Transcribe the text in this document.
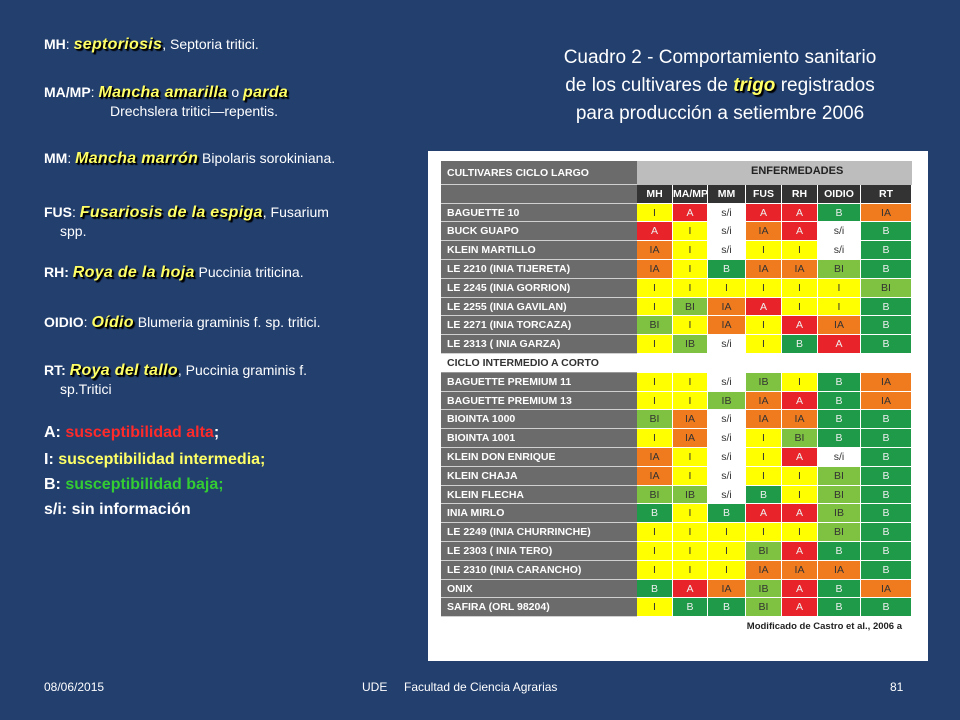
MH: septoriosis, Septoria tritici.
MA/MP: Mancha amarilla o parda
Drechslera tritici—repentis.
MM: Mancha marrón Bipolaris sorokiniana.
FUS: Fusariosis de la espiga, Fusarium
spp.
RH: Roya de la hoja Puccinia triticina.
OIDIO: Oídio Blumeria graminis f. sp. tritici.
RT: Roya del tallo, Puccinia graminis f.
sp.Tritici
A: susceptibilidad alta;
I: susceptibilidad intermedia;
B: susceptibilidad baja;
s/i: sin información
Cuadro 2 - Comportamiento sanitario
de los cultivares de trigo registrados
para producción a setiembre 2006
CULTIVARES CICLO LARGO	ENFERMEDADES
MH MA/MP MM	FUS	RH	OIDIO	RT
BAGUETTE 10	I	A	s/i	A	A	B	IA
BUCK GUAPO	A	I	s/i	IA	A	s/i	B
KLEIN MARTILLO	IA	I	s/i	I	I	s/i	B
LE 2210 (INIA TIJERETA)	IA	I	B	IA	IA	BI	B
LE 2245 (INIA GORRION)	I	I	I	I	I	I	BI
LE 2255 (INIA GAVILAN)	I	BI	IA	A	I	I	B
LE 2271 (INIA TORCAZA)	BI	I	IA	I	A	IA	B
LE 2313 ( INIA GARZA)	I	IB	s/i	I	B	A	B
CICLO INTERMEDIO A CORTO
BAGUETTE PREMIUM 11	I	I	s/i	IB	I	B	IA
BAGUETTE PREMIUM 13	I	I	IB	IA	A	B	IA
BIOINTA 1000	BI	IA	s/i	IA	IA	B	B
BIOINTA 1001	I	IA	s/i	I	BI	B	B
KLEIN DON ENRIQUE	IA	I	s/i	I	A	s/i	B
KLEIN CHAJA	IA	I	s/i	I	I	BI	B
KLEIN FLECHA	BI	IB	s/i	B	I	BI	B
INIA MIRLO	B	I	B	A	A	IB	B
LE 2249 (INIA CHURRINCHE)	I	I	I	I	I	BI	B
LE 2303 ( INIA TERO)	I	I	I	BI	A	B	B
LE 2310 (INIA CARANCHO)	I	I	I	IA	IA	IA	B
ONIX	B	A	IA	IB	A	B	IA
SAFIRA (ORL 98204)	I	B	B	BI	A	B	B
Modificado de Castro et al., 2006 a
08/06/2015	UDE     Facultad de Ciencia Agrarias	81
